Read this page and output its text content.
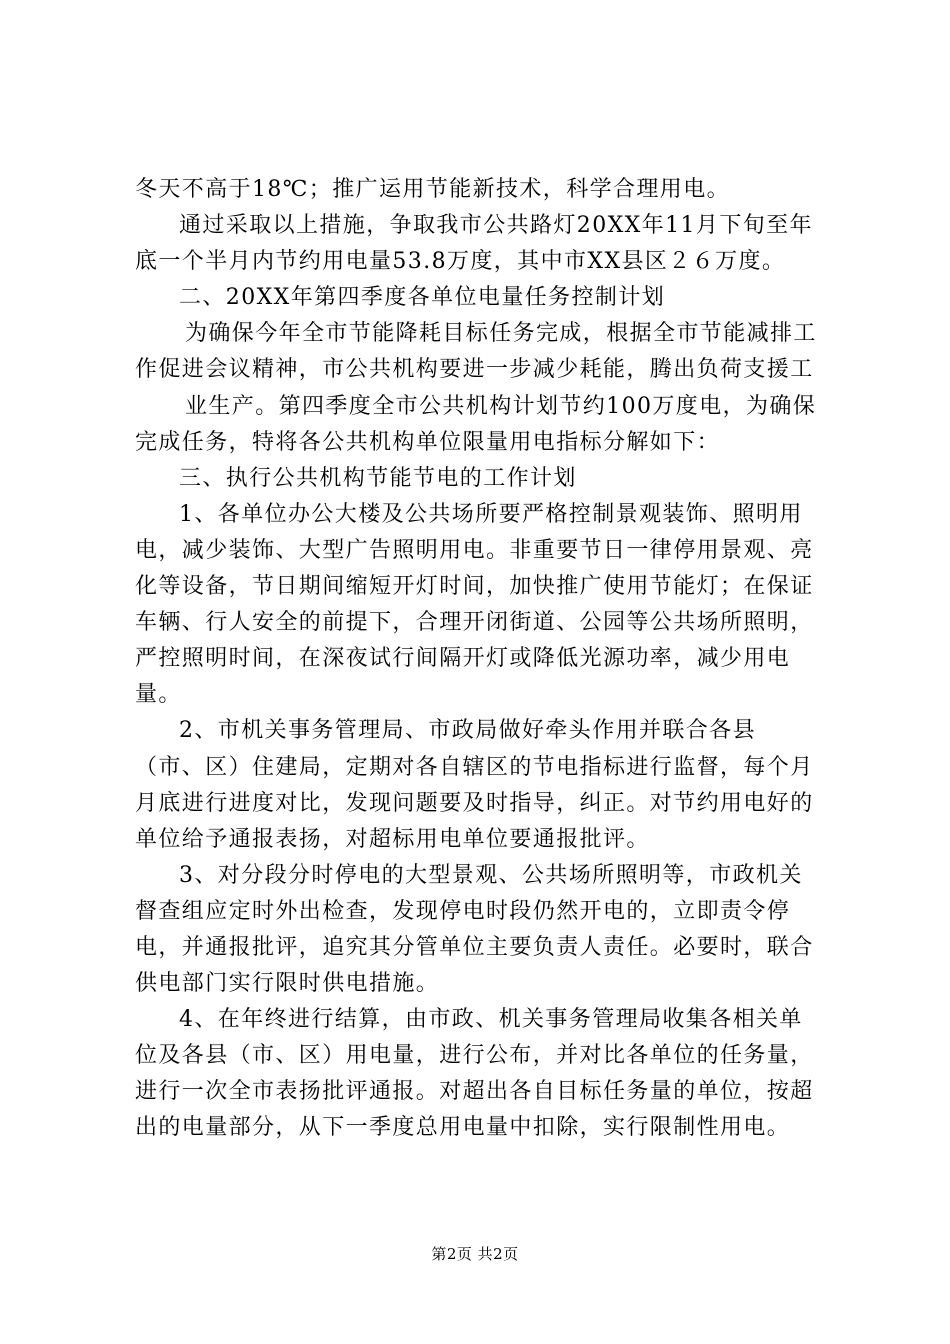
冬天不高于18℃；推广运用节能新技术，科学合理用电。

通过采取以上措施，争取我市公共路灯20XX年11月下旬至年底一个半月内节约用电量53.8万度，其中市XX县区２６万度。

二、20XX年第四季度各单位电量任务控制计划

为确保今年全市节能降耗目标任务完成，根据全市节能减排工作促进会议精神，市公共机构要进一步减少耗能，腾出负荷支援工

业生产。第四季度全市公共机构计划节约100万度电，为确保完成任务，特将各公共机构单位限量用电指标分解如下：

三、执行公共机构节能节电的工作计划

1、各单位办公大楼及公共场所要严格控制景观装饰、照明用电，减少装饰、大型广告照明用电。非重要节日一律停用景观、亮化等设备，节日期间缩短开灯时间，加快推广使用节能灯；在保证车辆、行人安全的前提下，合理开闭街道、公园等公共场所照明，严控照明时间，在深夜试行间隔开灯或降低光源功率，减少用电量。

2、市机关事务管理局、市政局做好牵头作用并联合各县（市、区）住建局，定期对各自辖区的节电指标进行监督，每个月月底进行进度对比，发现问题要及时指导，纠正。对节约用电好的单位给予通报表扬，对超标用电单位要通报批评。

3、对分段分时停电的大型景观、公共场所照明等，市政机关督查组应定时外出检查，发现停电时段仍然开电的，立即责令停电，并通报批评，追究其分管单位主要负责人责任。必要时，联合供电部门实行限时供电措施。

4、在年终进行结算，由市政、机关事务管理局收集各相关单位及各县（市、区）用电量，进行公布，并对比各单位的任务量，进行一次全市表扬批评通报。对超出各自目标任务量的单位，按超出的电量部分，从下一季度总用电量中扣除，实行限制性用电。

第2页 共2页
